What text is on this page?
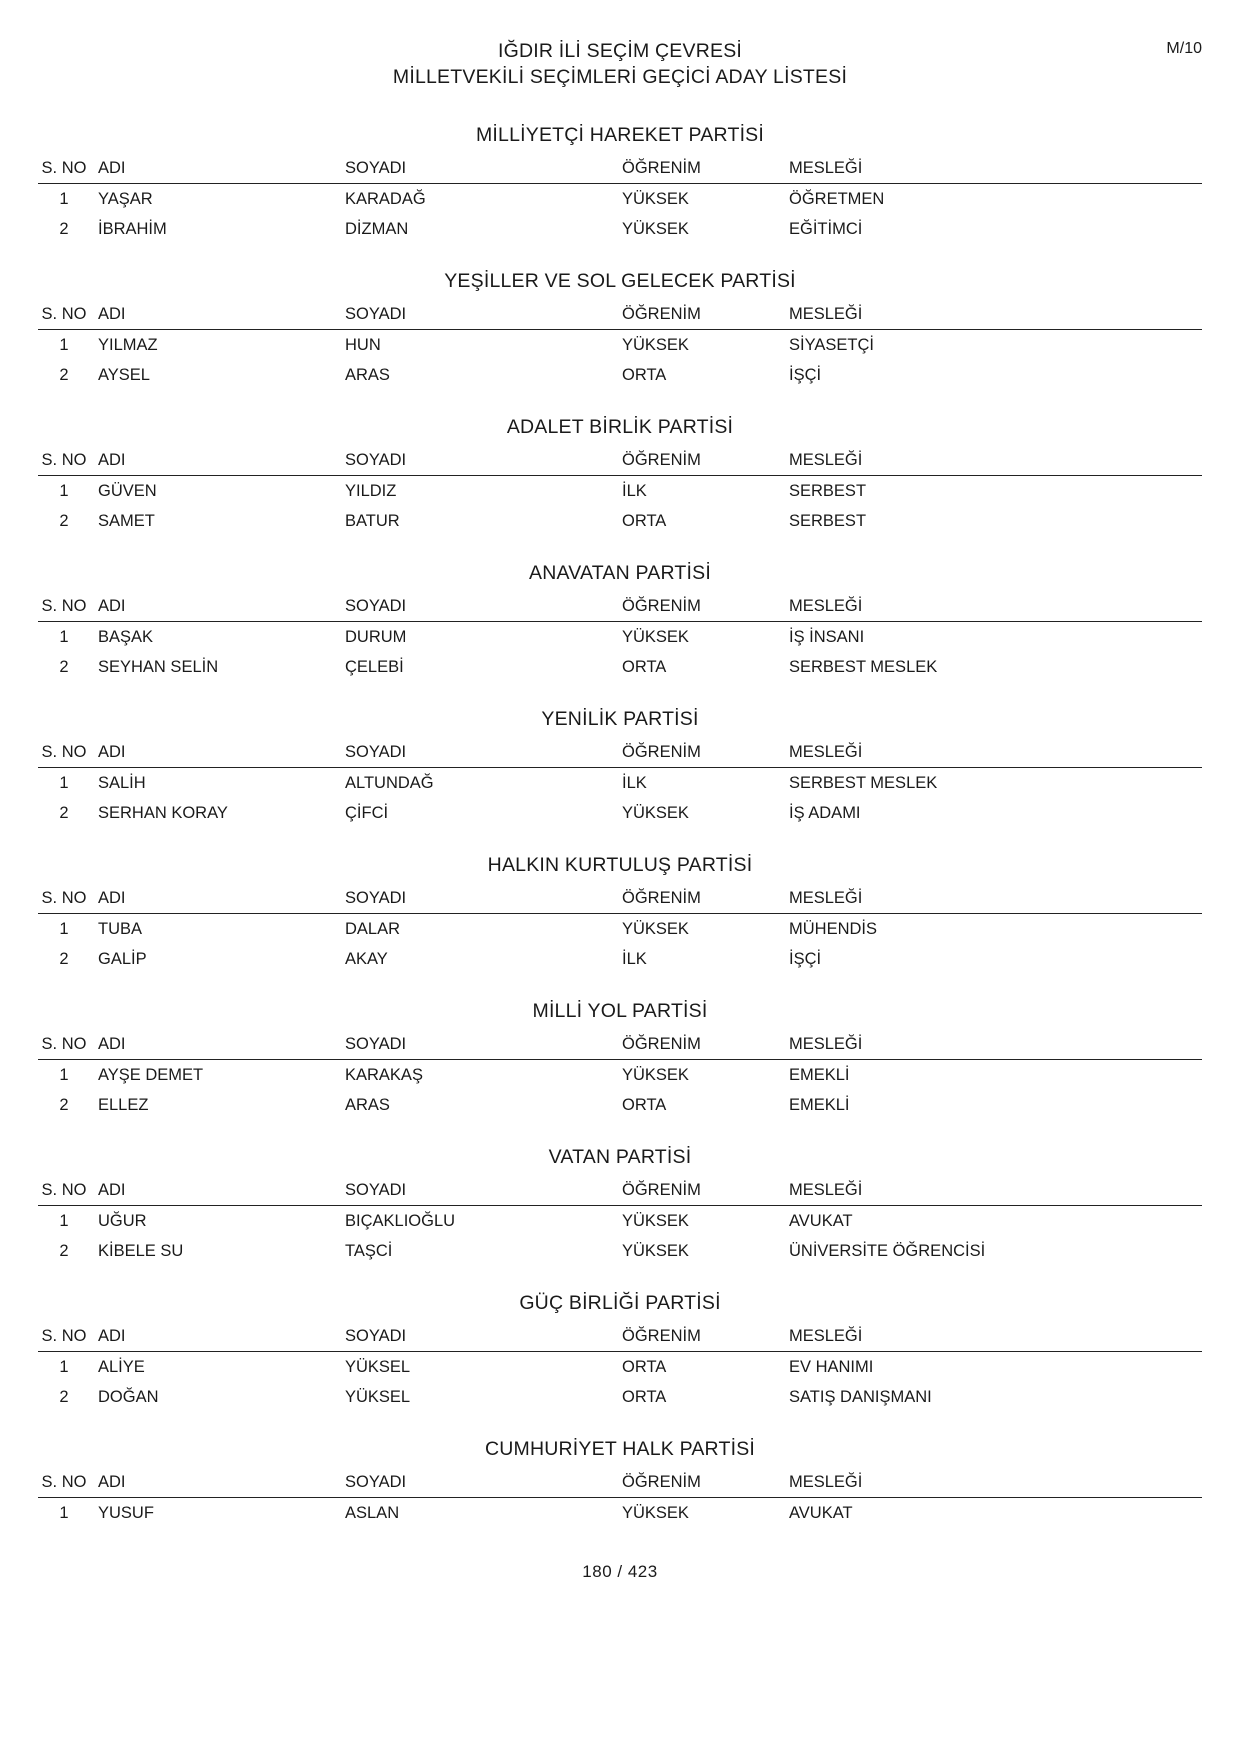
IĞDIR İLİ SEÇİM ÇEVRESİ
MİLLETVEKİLİ SEÇİMLERİ GEÇİCİ ADAY LİSTESİ
M/10
MİLLİYETÇİ HAREKET PARTİSİ
S. NO	ADI	SOYADI	ÖĞRENİM	MESLEĞİ
1	YAŞAR	KARADAĞ	YÜKSEK	ÖĞRETMEN
2	İBRAHİM	DİZMAN	YÜKSEK	EĞİTİMCİ
YEŞİLLER VE SOL GELECEK PARTİSİ
S. NO	ADI	SOYADI	ÖĞRENİM	MESLEĞİ
1	YILMAZ	HUN	YÜKSEK	SİYASETÇİ
2	AYSEL	ARAS	ORTA	İŞÇİ
ADALET BİRLİK PARTİSİ
S. NO	ADI	SOYADI	ÖĞRENİM	MESLEĞİ
1	GÜVEN	YILDIZ	İLK	SERBEST
2	SAMET	BATUR	ORTA	SERBEST
ANAVATAN PARTİSİ
S. NO	ADI	SOYADI	ÖĞRENİM	MESLEĞİ
1	BAŞAK	DURUM	YÜKSEK	İŞ İNSANI
2	SEYHAN SELİN	ÇELEBİ	ORTA	SERBEST MESLEK
YENİLİK PARTİSİ
S. NO	ADI	SOYADI	ÖĞRENİM	MESLEĞİ
1	SALİH	ALTUNDAĞ	İLK	SERBEST MESLEK
2	SERHAN KORAY	ÇİFCİ	YÜKSEK	İŞ ADAMI
HALKIN KURTULUŞ PARTİSİ
S. NO	ADI	SOYADI	ÖĞRENİM	MESLEĞİ
1	TUBA	DALAR	YÜKSEK	MÜHENDİS
2	GALİP	AKAY	İLK	İŞÇİ
MİLLİ YOL PARTİSİ
S. NO	ADI	SOYADI	ÖĞRENİM	MESLEĞİ
1	AYŞE DEMET	KARAKAŞ	YÜKSEK	EMEKLİ
2	ELLEZ	ARAS	ORTA	EMEKLİ
VATAN PARTİSİ
S. NO	ADI	SOYADI	ÖĞRENİM	MESLEĞİ
1	UĞUR	BIÇAKLIOĞLU	YÜKSEK	AVUKAT
2	KİBELE SU	TAŞCİ	YÜKSEK	ÜNİVERSİTE ÖĞRENCİSİ
GÜÇ BİRLİĞİ PARTİSİ
S. NO	ADI	SOYADI	ÖĞRENİM	MESLEĞİ
1	ALİYE	YÜKSEL	ORTA	EV HANIMI
2	DOĞAN	YÜKSEL	ORTA	SATIŞ DANIŞMANI
CUMHURİYET HALK PARTİSİ
S. NO	ADI	SOYADI	ÖĞRENİM	MESLEĞİ
1	YUSUF	ASLAN	YÜKSEK	AVUKAT
180 / 423
